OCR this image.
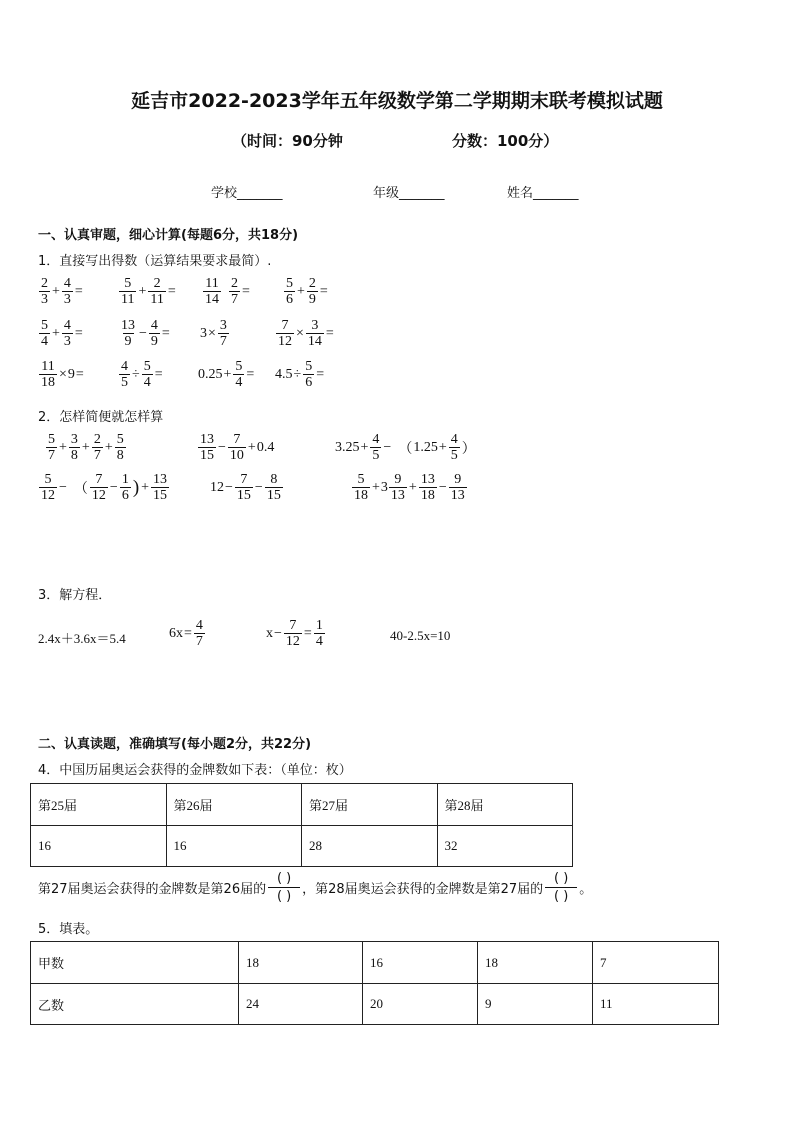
延吉市2022-2023学年五年级数学第二学期期末联考模拟试题
（时间：90分钟	分数：100分）
学校_______	年级_______	姓名_______
一、认真审题，细心计算(每题6分，共18分)
1．直接写出得数（运算结果要求最简）.
$\frac{2}{3} + \frac{4}{3}$ =	$\frac{5}{11} + \frac{2}{11} = \frac{11}{14} \frac{2}{7} = \frac{5}{6} + \frac{2}{9}$ =
$\frac{5}{4} + \frac{4}{3}$ =	$\frac{13}{9} - \frac{4}{9} = 3 \times \frac{3}{7}$	$\frac{7}{12} \times \frac{3}{14}$ =
$\frac{11}{18} \times 9$ =	$\frac{4}{5} \div \frac{5}{4}$ =	$0.25 + \frac{5}{4} = 4.5 \div \frac{5}{6}$ =
2．怎样简便就怎样算
$\frac{5}{7} + \frac{3}{8} + \frac{2}{7} + \frac{5}{8}$	$\frac{13}{15} - \frac{7}{10} + 0.4$	$3.25 + \frac{4}{5}$ − （ $1.25 + \frac{4}{5}$ ）
$\frac{5}{12}$ − （ $\frac{7}{12} - \frac{1}{6}$ ) + $\frac{13}{15}$	$12 - \frac{7}{15} - \frac{8}{15}$	$\frac{5}{18} + 3 \frac{9}{13} + \frac{13}{18} - \frac{9}{13}$
3．解方程．
2.4x＋3.6x＝5.4	$6x = \frac{4}{7}$	$x - \frac{7}{12} = \frac{1}{4}$	40-2.5x=10
二、认真读题，准确填写(每小题2分，共22分)
4．中国历届奥运会获得的金牌数如下表：（单位：枚）
第25届	第26届	第27届	第28届
16	16	28	32
第27届奥运会获得的金牌数是第26届的
( )
( ) ，第28届奥运会获得的金牌数是第27届的
( )
( ) 。
5．填表。
甲数	18	16	18	7
乙数	24	20	9	11
